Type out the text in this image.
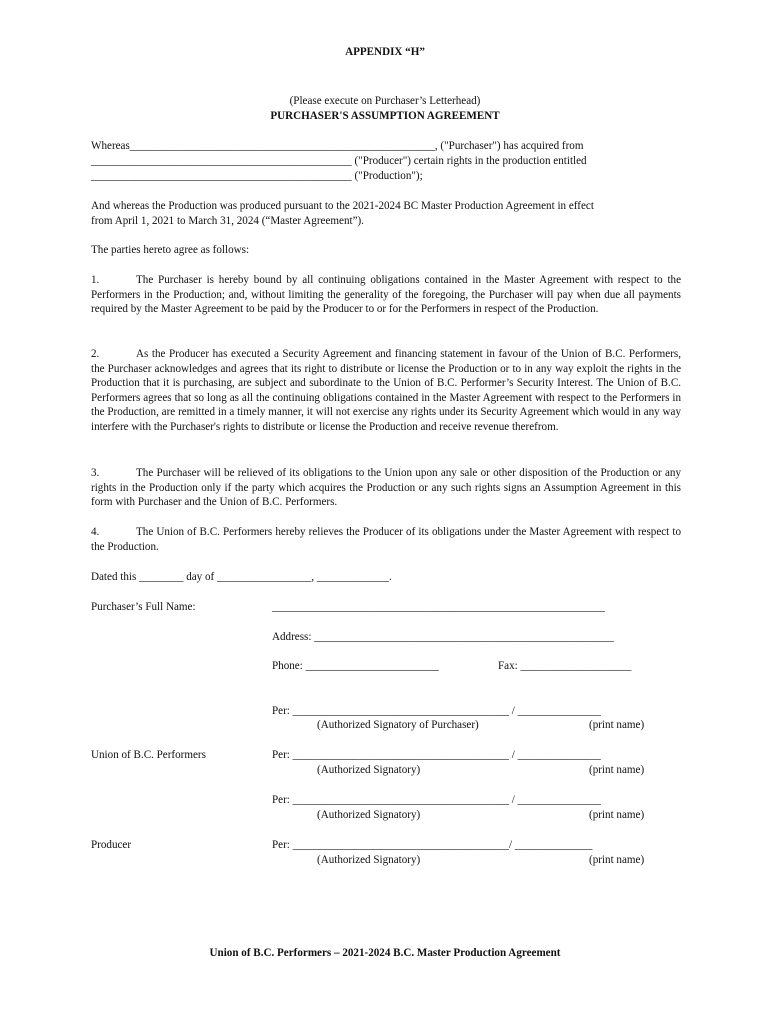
APPENDIX “H”
(Please execute on Purchaser’s Letterhead)
PURCHASER'S ASSUMPTION AGREEMENT
Whereas_______________________________________________________, ("Purchaser") has acquired from
_______________________________________________ ("Producer") certain rights in the production entitled
_______________________________________________ ("Production");
And whereas the Production was produced pursuant to the 2021-2024 BC Master Production Agreement in effect
from April 1, 2021 to March 31, 2024 (“Master Agreement”).
The parties hereto agree as follows:
1.	The Purchaser is hereby bound by all continuing obligations contained in the Master Agreement with respect to the Performers in the Production; and, without limiting the generality of the foregoing, the Purchaser will pay when due all payments required by the Master Agreement to be paid by the Producer to or for the Performers in respect of the Production.
2.	As the Producer has executed a Security Agreement and financing statement in favour of the Union of B.C. Performers, the Purchaser acknowledges and agrees that its right to distribute or license the Production or to in any way exploit the rights in the Production that it is purchasing, are subject and subordinate to the Union of B.C. Performer’s Security Interest. The Union of B.C. Performers agrees that so long as all the continuing obligations contained in the Master Agreement with respect to the Performers in the Production, are remitted in a timely manner, it will not exercise any rights under its Security Agreement which would in any way interfere with the Purchaser's rights to distribute or license the Production and receive revenue therefrom.
3.	The Purchaser will be relieved of its obligations to the Union upon any sale or other disposition of the Production or any rights in the Production only if the party which acquires the Production or any such rights signs an Assumption Agreement in this form with Purchaser and the Union of B.C. Performers.
4.	The Union of B.C. Performers hereby relieves the Producer of its obligations under the Master Agreement with respect to the Production.
Dated this ________ day of _________________, _____________.
Purchaser’s Full Name:	____________________________________________________________
Address: ______________________________________________________
Phone: ________________________	Fax: ____________________
Per: _______________________________________ / _______________
(Authorized Signatory of Purchaser)	(print name)
Union of B.C. Performers	Per: _______________________________________ / _______________
(Authorized Signatory)	(print name)
Per: _______________________________________ / _______________
(Authorized Signatory)	(print name)
Producer	Per: _______________________________________/ ______________
(Authorized Signatory)	(print name)
Union of B.C. Performers – 2021-2024 B.C. Master Production Agreement
